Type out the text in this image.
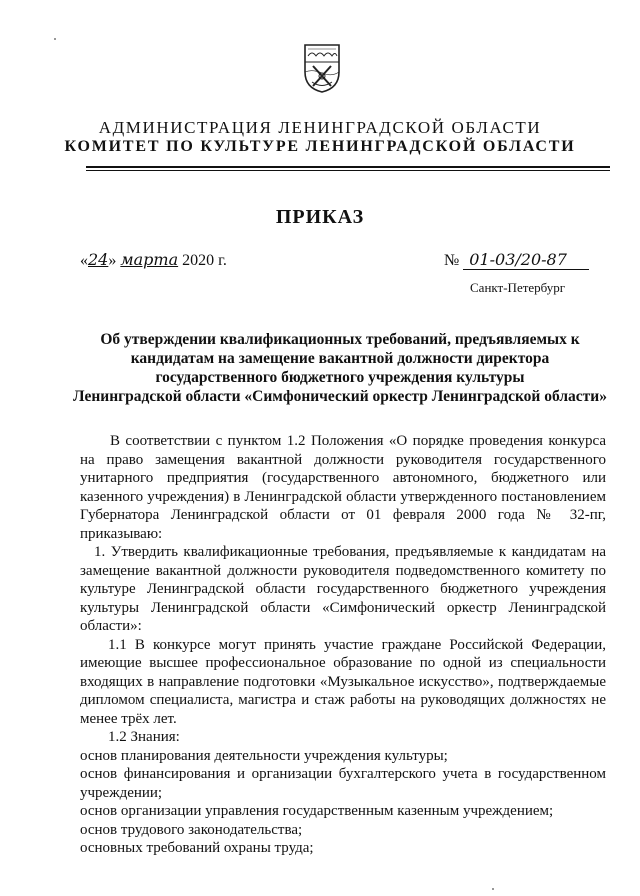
АДМИНИСТРАЦИЯ ЛЕНИНГРАДСКОЙ ОБЛАСТИ
КОМИТЕТ ПО КУЛЬТУРЕ ЛЕНИНГРАДСКОЙ ОБЛАСТИ
ПРИКАЗ
«24» марта 2020 г.	№ 01-03/20-87
Санкт-Петербург
Об утверждении квалификационных требований, предъявляемых к
кандидатам на замещение вакантной должности директора
государственного бюджетного учреждения культуры
Ленинградской области «Симфонический оркестр Ленинградской области»

В соответствии с пунктом 1.2 Положения «О порядке проведения конкурса на право замещения вакантной должности руководителя государственного унитарного предприятия (государственного автономного, бюджетного или казенного учреждения) в Ленинградской области утвержденного постановлением Губернатора Ленинградской области от 01 февраля 2000 года № 32-пг, приказываю:

1. Утвердить квалификационные требования, предъявляемые к кандидатам на замещение вакантной должности руководителя подведомственного комитету по культуре Ленинградской области государственного бюджетного учреждения культуры Ленинградской области «Симфонический оркестр Ленинградской области»:

1.1 В конкурсе могут принять участие граждане Российской Федерации, имеющие высшее профессиональное образование по одной из специальности входящих в направление подготовки «Музыкальное искусство», подтверждаемые дипломом специалиста, магистра и стаж работы на руководящих должностях не менее трёх лет.

1.2 Знания:

основ планирования деятельности учреждения культуры;

основ финансирования и организации бухгалтерского учета в государственном учреждении;

основ организации управления государственным казенным учреждением;

основ трудового законодательства;

основных требований охраны труда;
